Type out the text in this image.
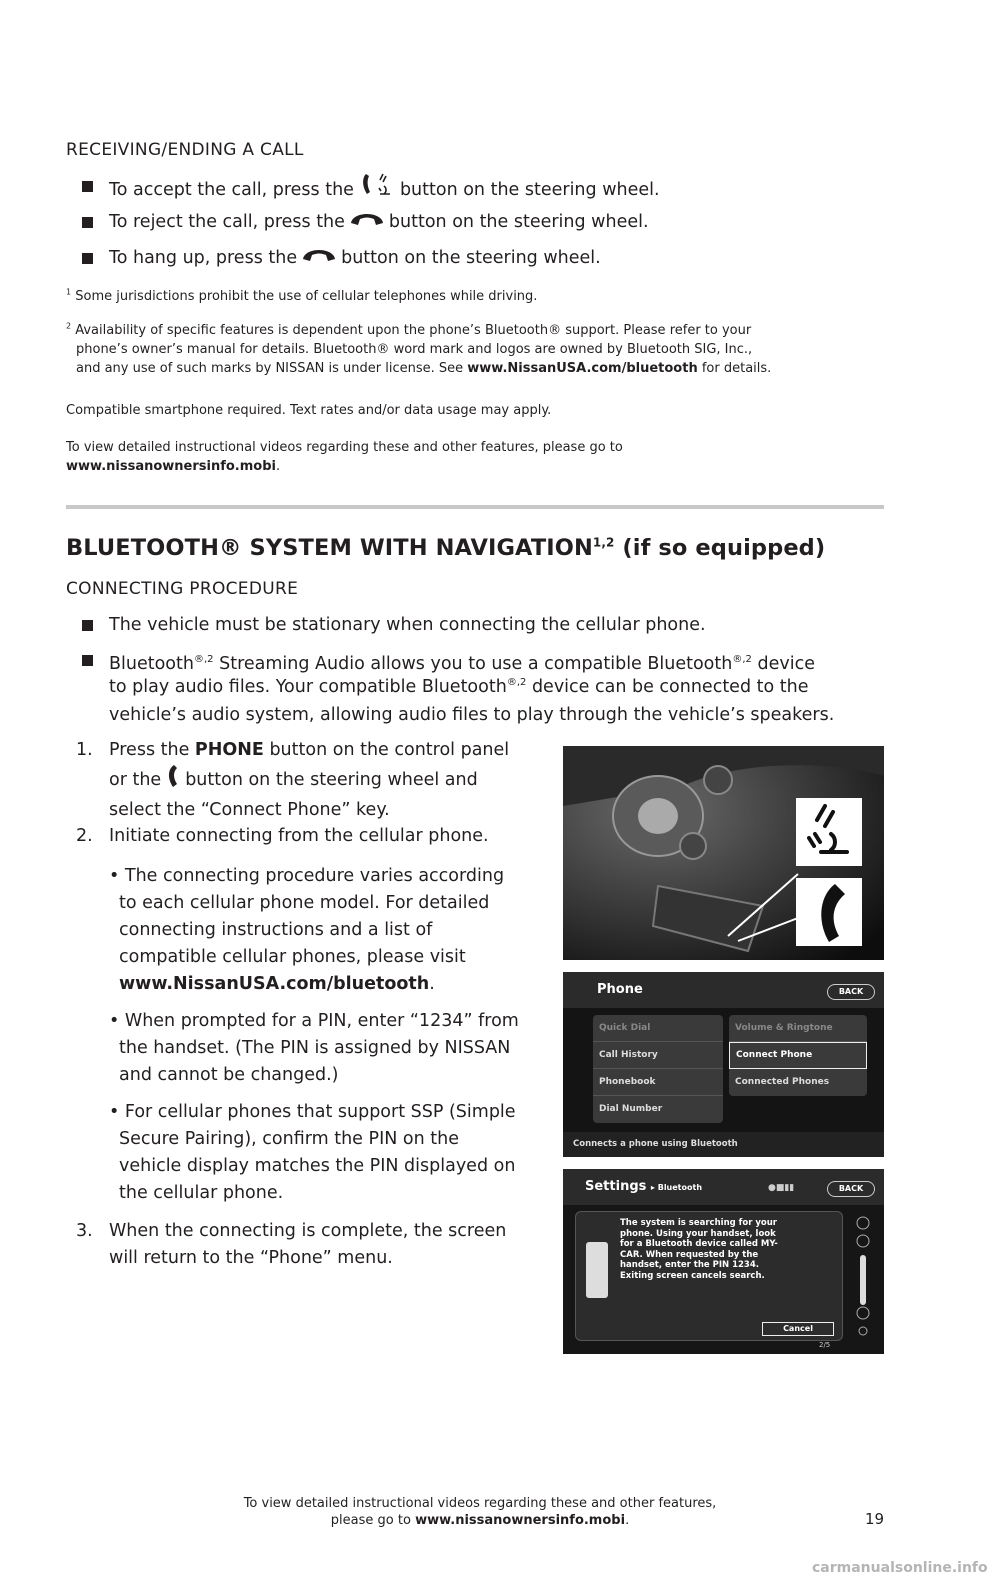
RECEIVING/ENDING A CALL
To accept the call, press the	button on the steering wheel.
To reject the call, press the	button on the steering wheel.
To hang up, press the	button on the steering wheel.
$^1$ Some jurisdictions prohibit the use of cellular telephones while driving.
$^2$ Availability of specific features is dependent upon the phone’s Bluetooth® support. Please refer to your
phone’s owner’s manual for details. Bluetooth® word mark and logos are owned by Bluetooth SIG, Inc.,
and any use of such marks by NISSAN is under license. See www.NissanUSA.com/bluetooth for details.
Compatible smartphone required. Text rates and/or data usage may apply.
To view detailed instructional videos regarding these and other features, please go to
www.nissanownersinfo.mobi.
BLUETOOTH® SYSTEM WITH NAVIGATION$^{1,2}$ (if so equipped)
CONNECTING PROCEDURE
The vehicle must be stationary when connecting the cellular phone.
Bluetooth$^{®,2}$ Streaming Audio allows you to use a compatible Bluetooth$^{®,2}$ device
to play audio files. Your compatible Bluetooth$^{®,2}$ device can be connected to the
vehicle’s audio system, allowing audio files to play through the vehicle’s speakers.
1. Press the PHONE button on the control panel
or the button on the steering wheel and
select the “Connect Phone” key.
2. Initiate connecting from the cellular phone.
• The connecting procedure varies according
to each cellular phone model. For detailed
connecting instructions and a list of
compatible cellular phones, please visit
www.NissanUSA.com/bluetooth.
• When prompted for a PIN, enter “1234” from
the handset. (The PIN is assigned by NISSAN
and cannot be changed.)
• For cellular phones that support SSP (Simple
Secure Pairing), confirm the PIN on the
vehicle display matches the PIN displayed on
the cellular phone.
3. When the connecting is complete, the screen
will return to the “Phone” menu.
Phone	BACK
Quick Dial
Call History
Phonebook
Dial Number
Volume & Ringtone
Connect Phone
Connected Phones
Connects a phone using Bluetooth
Settings ▸ Bluetooth	●■▮▮	BACK
The system is searching for your
phone. Using your handset, look
for a Bluetooth device called MY-
CAR. When requested by the
handset, enter the PIN 1234.
Exiting screen cancels search.
Cancel
2/5
To view detailed instructional videos regarding these and other features,
please go to www.nissanownersinfo.mobi.	19
carmanualsonline.info
